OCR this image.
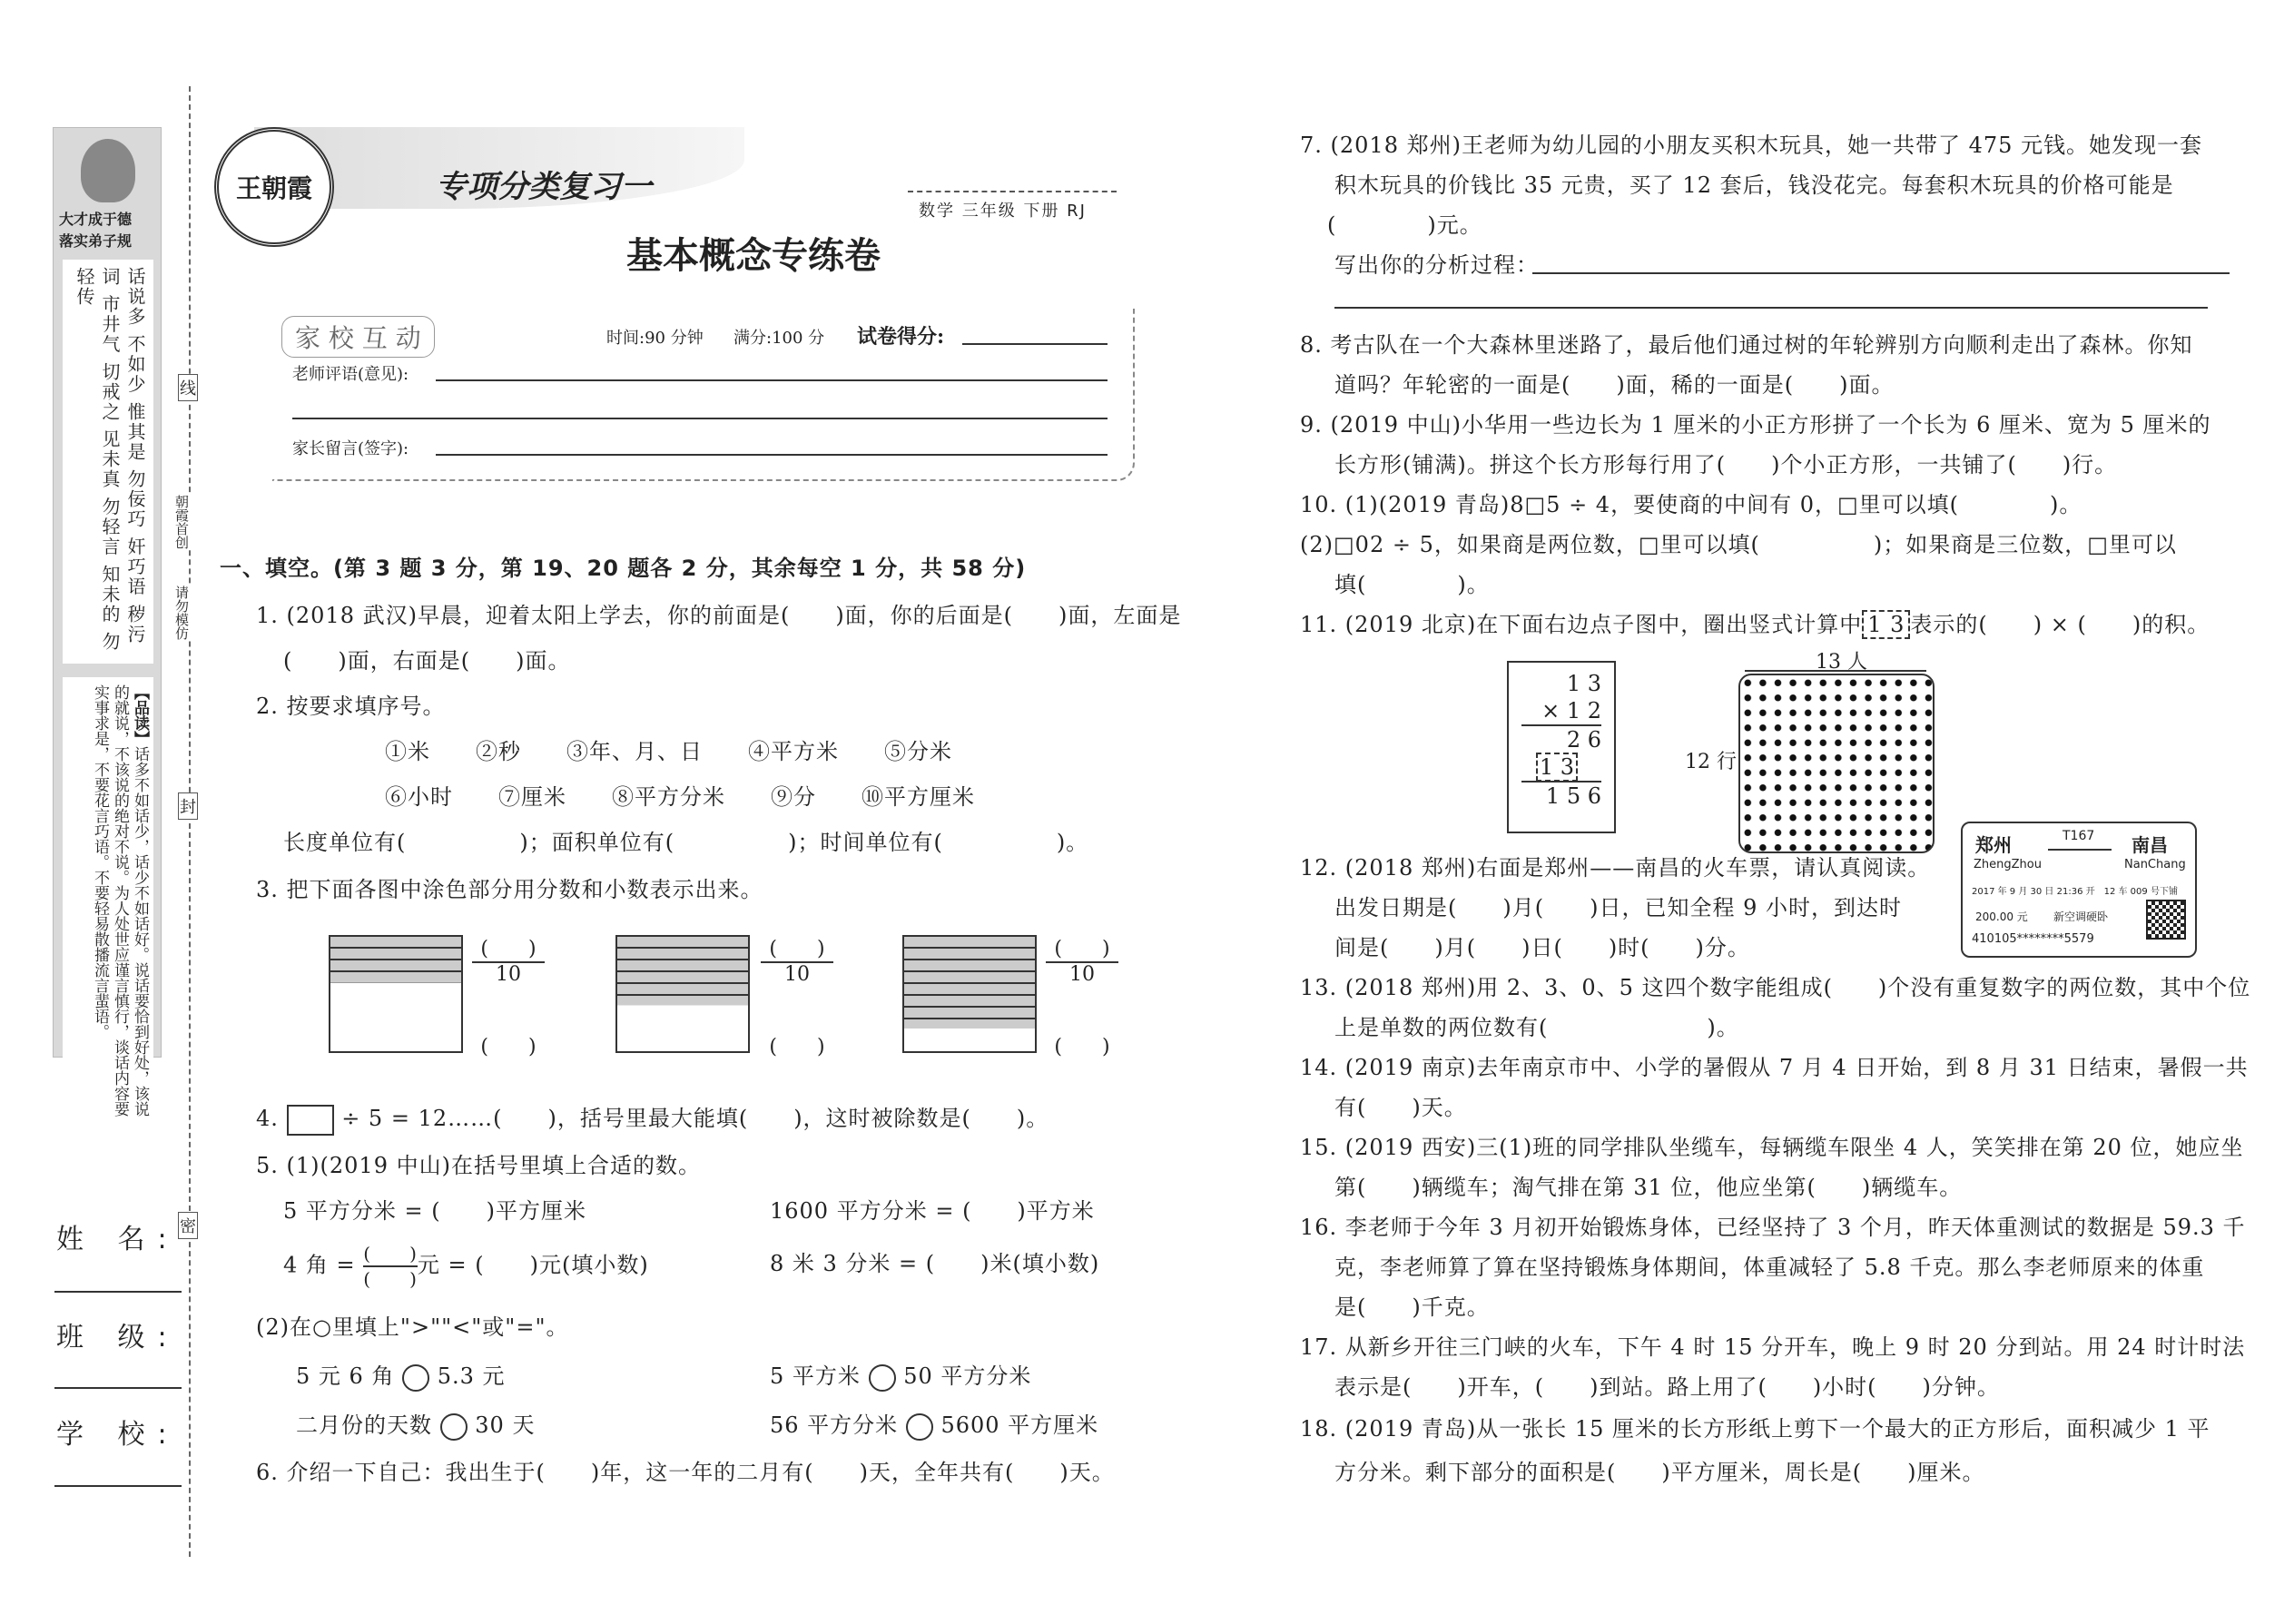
大才成于德
落实弟子规
话说多 不如少 惟其是 勿佞巧 奸巧语 秽污词 市井气 切戒之 见未真 勿轻言 知未的 勿轻传
【品读】话多不如话少，话少不如话好。说话要恰到好处，该说的就说，不该说的绝对不说。为人处世应谨言慎行，谈话内容要实事求是，不要花言巧语。不要轻易散播流言蜚语。
线
朝霞首创
请勿模仿
封
密
姓 名:
班 级:
学 校:
王朝霞	专项分类复习一
数学 三年级 下册 RJ
基本概念专练卷
家 校 互 动	时间:90 分钟 满分:100 分 试卷得分:
老师评语(意见):
家长留言(签字):
一、填空。(第 3 题 3 分，第 19、20 题各 2 分，其余每空 1 分，共 58 分)
1. (2018 武汉)早晨，迎着太阳上学去，你的前面是(　　)面，你的后面是(　　)面，左面是
(　　)面，右面是(　　)面。
2. 按要求填序号。
①米　　②秒　　③年、月、日　　④平方米　　⑤分米
⑥小时　　⑦厘米　　⑧平方分米　　⑨分　　⑩平方厘米
长度单位有(　　　　　)；面积单位有(　　　　　)；时间单位有(　　　　　)。
3. 把下面各图中涂色部分用分数和小数表示出来。
(　　)
10
(　　)
10
(　　)
10
(　　)	(　　)	(　　)
4.	÷ 5 = 12……(　　)，括号里最大能填(　　)，这时被除数是(　　)。
5. (1)(2019 中山)在括号里填上合适的数。
5 平方分米 = (　　)平方厘米	1600 平方分米 = (　　)平方米
4 角 = (　　)
(　　)
元 = (　　)元(填小数)	8 米 3 分米 = (　　)米(填小数)
(2)在○里填上">""<"或"="。
5 元 6 角 5.3 元	5 平方米 50 平方分米
二月份的天数 30 天	56 平方分米 5600 平方厘米
6. 介绍一下自己：我出生于(　　)年，这一年的二月有(　　)天，全年共有(　　)天。
7. (2018 郑州)王老师为幼儿园的小朋友买积木玩具，她一共带了 475 元钱。她发现一套
积木玩具的价钱比 35 元贵，买了 12 套后，钱没花完。每套积木玩具的价格可能是
(　　　　)元。
写出你的分析过程：
8. 考古队在一个大森林里迷路了，最后他们通过树的年轮辨别方向顺利走出了森林。你知
道吗？年轮密的一面是(　　)面，稀的一面是(　　)面。
9. (2019 中山)小华用一些边长为 1 厘米的小正方形拼了一个长为 6 厘米、宽为 5 厘米的
长方形(铺满)。拼这个长方形每行用了(　　)个小正方形，一共铺了(　　)行。
10. (1)(2019 青岛)8□5 ÷ 4，要使商的中间有 0，□里可以填(　　　　)。
(2)□02 ÷ 5，如果商是两位数，□里可以填(　　　　　)；如果商是三位数，□里可以
填(　　　　)。
11. (2019 北京)在下面右边点子图中，圈出竖式计算中 1 3 表示的(　　) × (　　)的积。
1 3
× 1 2
2 6
1 3
1 5 6
13 人
12 行
郑州	T167 南昌
ZhengZhou	NanChang
2017 年 9 月 30 日 21:36 开　12 车 009 号下铺
200.00 元 新空调硬卧
410105********5579
12. (2018 郑州)右面是郑州——南昌的火车票，请认真阅读。
出发日期是(　　)月(　　)日，已知全程 9 小时，到达时
间是(　　)月(　　)日(　　)时(　　)分。
13. (2018 郑州)用 2、3、0、5 这四个数字能组成(　　)个没有重复数字的两位数，其中个位
上是单数的两位数有(　　　　　　　)。
14. (2019 南京)去年南京市中、小学的暑假从 7 月 4 日开始，到 8 月 31 日结束，暑假一共
有(　　)天。
15. (2019 西安)三(1)班的同学排队坐缆车，每辆缆车限坐 4 人，笑笑排在第 20 位，她应坐
第(　　)辆缆车；淘气排在第 31 位，他应坐第(　　)辆缆车。
16. 李老师于今年 3 月初开始锻炼身体，已经坚持了 3 个月，昨天体重测试的数据是 59.3 千
克，李老师算了算在坚持锻炼身体期间，体重减轻了 5.8 千克。那么李老师原来的体重
是(　　)千克。
17. 从新乡开往三门峡的火车，下午 4 时 15 分开车，晚上 9 时 20 分到站。用 24 时计时法
表示是(　　)开车，(　　)到站。路上用了(　　)小时(　　)分钟。
18. (2019 青岛)从一张长 15 厘米的长方形纸上剪下一个最大的正方形后，面积减少 1 平
方分米。剩下部分的面积是(　　)平方厘米，周长是(　　)厘米。
